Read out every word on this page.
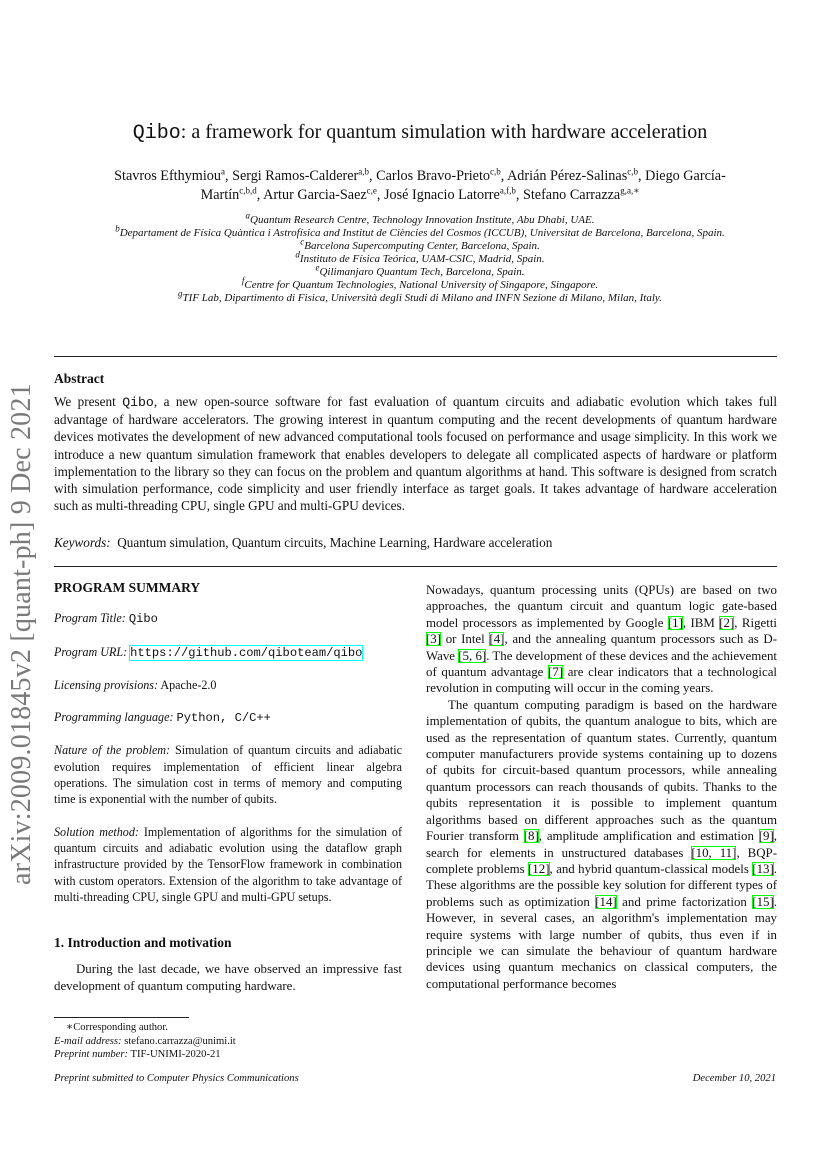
arXiv:2009.01845v2 [quant-ph] 9 Dec 2021
Qibo: a framework for quantum simulation with hardware acceleration
Stavros Efthymiou$^a$, Sergi Ramos-Calderer$^{a,b}$, Carlos Bravo-Prieto$^{c,b}$, Adrián Pérez-Salinas$^{c,b}$, Diego García-Martín$^{c,b,d}$, Artur Garcia-Saez$^{c,e}$, José Ignacio Latorre$^{a,f,b}$, Stefano Carrazza$^{g,a,∗}$
$^a$Quantum Research Centre, Technology Innovation Institute, Abu Dhabi, UAE.
$^b$Departament de Física Quàntica i Astrofísica and Institut de Ciències del Cosmos (ICCUB), Universitat de Barcelona, Barcelona, Spain.
$^c$Barcelona Supercomputing Center, Barcelona, Spain.
$^d$Instituto de Física Teórica, UAM-CSIC, Madrid, Spain.
$^e$Qilimanjaro Quantum Tech, Barcelona, Spain.
$^f$Centre for Quantum Technologies, National University of Singapore, Singapore.
$^g$TIF Lab, Dipartimento di Fisica, Università degli Studi di Milano and INFN Sezione di Milano, Milan, Italy.
Abstract
We present Qibo, a new open-source software for fast evaluation of quantum circuits and adiabatic evolution which takes full advantage of hardware accelerators. The growing interest in quantum computing and the recent developments of quantum hardware devices motivates the development of new advanced computational tools focused on performance and usage simplicity. In this work we introduce a new quantum simulation framework that enables developers to delegate all complicated aspects of hardware or platform implementation to the library so they can focus on the problem and quantum algorithms at hand. This software is designed from scratch with simulation performance, code simplicity and user friendly interface as target goals. It takes advantage of hardware acceleration such as multi-threading CPU, single GPU and multi-GPU devices.
Keywords: Quantum simulation, Quantum circuits, Machine Learning, Hardware acceleration

PROGRAM SUMMARY

Program Title: Qibo

Program URL: https://github.com/qiboteam/qibo

Licensing provisions: Apache-2.0

Programming language: Python, C/C++

Nature of the problem: Simulation of quantum circuits and adiabatic evolution requires implementation of efficient linear algebra operations. The simulation cost in terms of memory and computing time is exponential with the number of qubits.

Solution method: Implementation of algorithms for the simulation of quantum circuits and adiabatic evolution using the dataflow graph infrastructure provided by the TensorFlow framework in combination with custom operators. Extension of the algorithm to take advantage of multi-threading CPU, single GPU and multi-GPU setups.

1. Introduction and motivation

During the last decade, we have observed an impressive fast development of quantum computing hardware.

Nowadays, quantum processing units (QPUs) are based on two approaches, the quantum circuit and quantum logic gate-based model processors as implemented by Google [1], IBM [2], Rigetti [3] or Intel [4], and the annealing quantum processors such as D-Wave [5, 6]. The development of these devices and the achievement of quantum advantage [7] are clear indicators that a technological revolution in computing will occur in the coming years.

The quantum computing paradigm is based on the hardware implementation of qubits, the quantum analogue to bits, which are used as the representation of quantum states. Currently, quantum computer manufacturers provide systems containing up to dozens of qubits for circuit-based quantum processors, while annealing quantum processors can reach thousands of qubits. Thanks to the qubits representation it is possible to implement quantum algorithms based on different approaches such as the quantum Fourier transform [8], amplitude amplification and estimation [9], search for elements in unstructured databases [10, 11], BQP-complete problems [12], and hybrid quantum-classical models [13]. These algorithms are the possible key solution for different types of problems such as optimization [14] and prime factorization [15]. However, in several cases, an algorithm's implementation may require systems with large number of qubits, thus even if in principle we can simulate the behaviour of quantum hardware devices using quantum mechanics on classical computers, the computational performance becomes

∗Corresponding author.
E-mail address: stefano.carrazza@unimi.it
Preprint number: TIF-UNIMI-2020-21
Preprint submitted to Computer Physics Communications	December 10, 2021
